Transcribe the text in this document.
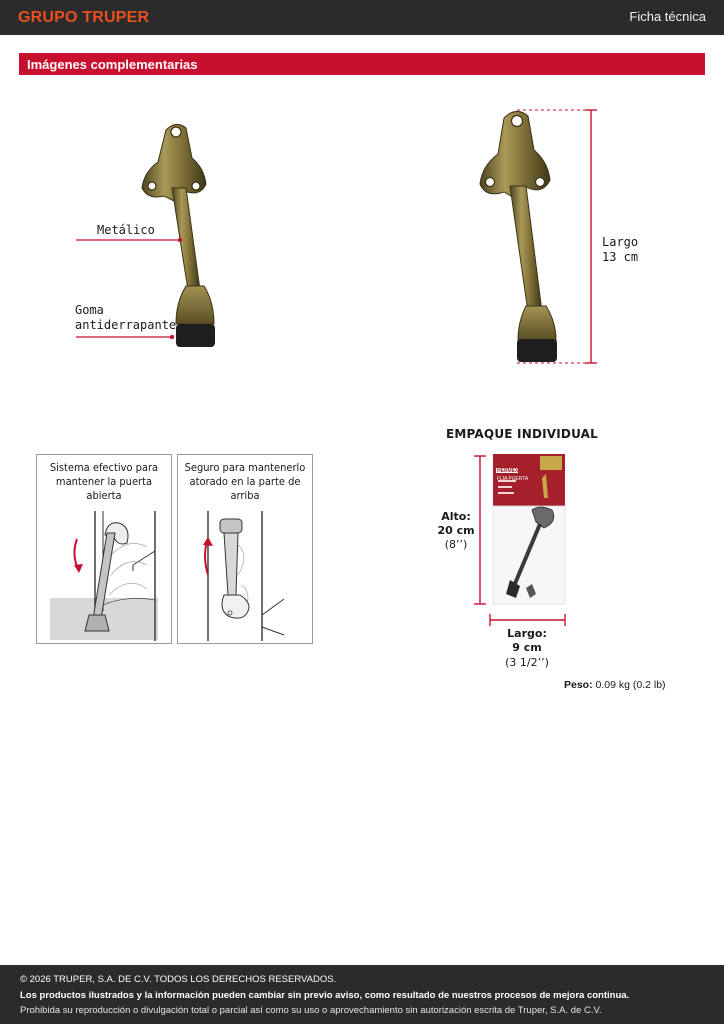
GRUPO TRUPER	Ficha técnica
Imágenes complementarias
Metálico
Goma
antiderrapante
Largo
13 cm
Sistema efectivo para mantener la puerta abierta
Seguro para mantenerlo atorado en la parte de arriba
EMPAQUE INDIVIDUAL
HERMEX
FIJA PUERTA
Alto:
20 cm
(8’’)
Largo:
9 cm
(3 1/2’’)
Peso: 0.09 kg (0.2 lb)
© 2026 TRUPER, S.A. DE C.V. TODOS LOS DERECHOS RESERVADOS.
Los productos ilustrados y la información pueden cambiar sin previo aviso, como resultado de nuestros procesos de mejora continua.
Prohibida su reproducción o divulgación total o parcial así como su uso o aprovechamiento sin autorización escrita de Truper, S.A. de C.V.
